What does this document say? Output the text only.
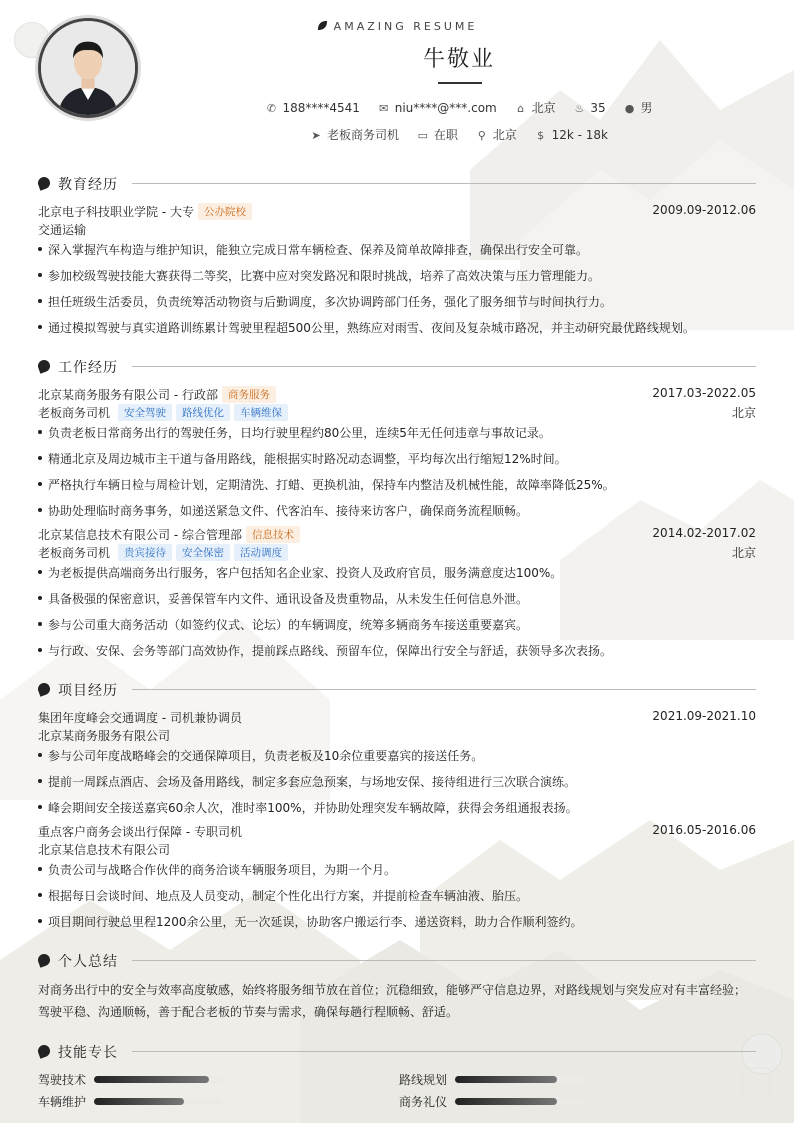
AMAZING RESUME
牛敬业
✆ 188****4541 ✉ niu****@***.com ⌂ 北京 ♨ 35 ● 男
➤ 老板商务司机 ▭ 在职 ⚲ 北京 $ 12k - 18k
教育经历
北京电子科技职业学院 - 大专 公办院校	2009.09-2012.06
交通运输
深入掌握汽车构造与维护知识，能独立完成日常车辆检查、保养及简单故障排查，确保出行安全可靠。
参加校级驾驶技能大赛获得二等奖，比赛中应对突发路况和限时挑战，培养了高效决策与压力管理能力。
担任班级生活委员，负责统筹活动物资与后勤调度，多次协调跨部门任务，强化了服务细节与时间执行力。
通过模拟驾驶与真实道路训练累计驾驶里程超500公里，熟练应对雨雪、夜间及复杂城市路况，并主动研究最优路线规划。
工作经历
北京某商务服务有限公司 - 行政部 商务服务	2017.03-2022.05
老板商务司机 安全驾驶 路线优化 车辆维保	北京
负责老板日常商务出行的驾驶任务，日均行驶里程约80公里，连续5年无任何违章与事故记录。
精通北京及周边城市主干道与备用路线，能根据实时路况动态调整，平均每次出行缩短12%时间。
严格执行车辆日检与周检计划，定期清洗、打蜡、更换机油，保持车内整洁及机械性能，故障率降低25%。
协助处理临时商务事务，如递送紧急文件、代客泊车、接待来访客户，确保商务流程顺畅。
北京某信息技术有限公司 - 综合管理部 信息技术	2014.02-2017.02
老板商务司机 贵宾接待 安全保密 活动调度	北京
为老板提供高端商务出行服务，客户包括知名企业家、投资人及政府官员，服务满意度达100%。
具备极强的保密意识，妥善保管车内文件、通讯设备及贵重物品，从未发生任何信息外泄。
参与公司重大商务活动（如签约仪式、论坛）的车辆调度，统筹多辆商务车接送重要嘉宾。
与行政、安保、会务等部门高效协作，提前踩点路线、预留车位，保障出行安全与舒适，获领导多次表扬。
项目经历
集团年度峰会交通调度 - 司机兼协调员	2021.09-2021.10
北京某商务服务有限公司
参与公司年度战略峰会的交通保障项目，负责老板及10余位重要嘉宾的接送任务。
提前一周踩点酒店、会场及备用路线，制定多套应急预案，与场地安保、接待组进行三次联合演练。
峰会期间安全接送嘉宾60余人次，准时率100%，并协助处理突发车辆故障，获得会务组通报表扬。
重点客户商务会谈出行保障 - 专职司机	2016.05-2016.06
北京某信息技术有限公司
负责公司与战略合作伙伴的商务洽谈车辆服务项目，为期一个月。
根据每日会谈时间、地点及人员变动，制定个性化出行方案，并提前检查车辆油液、胎压。
项目期间行驶总里程1200余公里，无一次延误，协助客户搬运行李、递送资料，助力合作顺利签约。
个人总结
对商务出行中的安全与效率高度敏感，始终将服务细节放在首位；沉稳细致，能够严守信息边界，对路线规划与突发应对有丰富经验；驾驶平稳、沟通顺畅，善于配合老板的节奏与需求，确保每趟行程顺畅、舒适。
技能专长
驾驶技术	路线规划
车辆维护	商务礼仪
